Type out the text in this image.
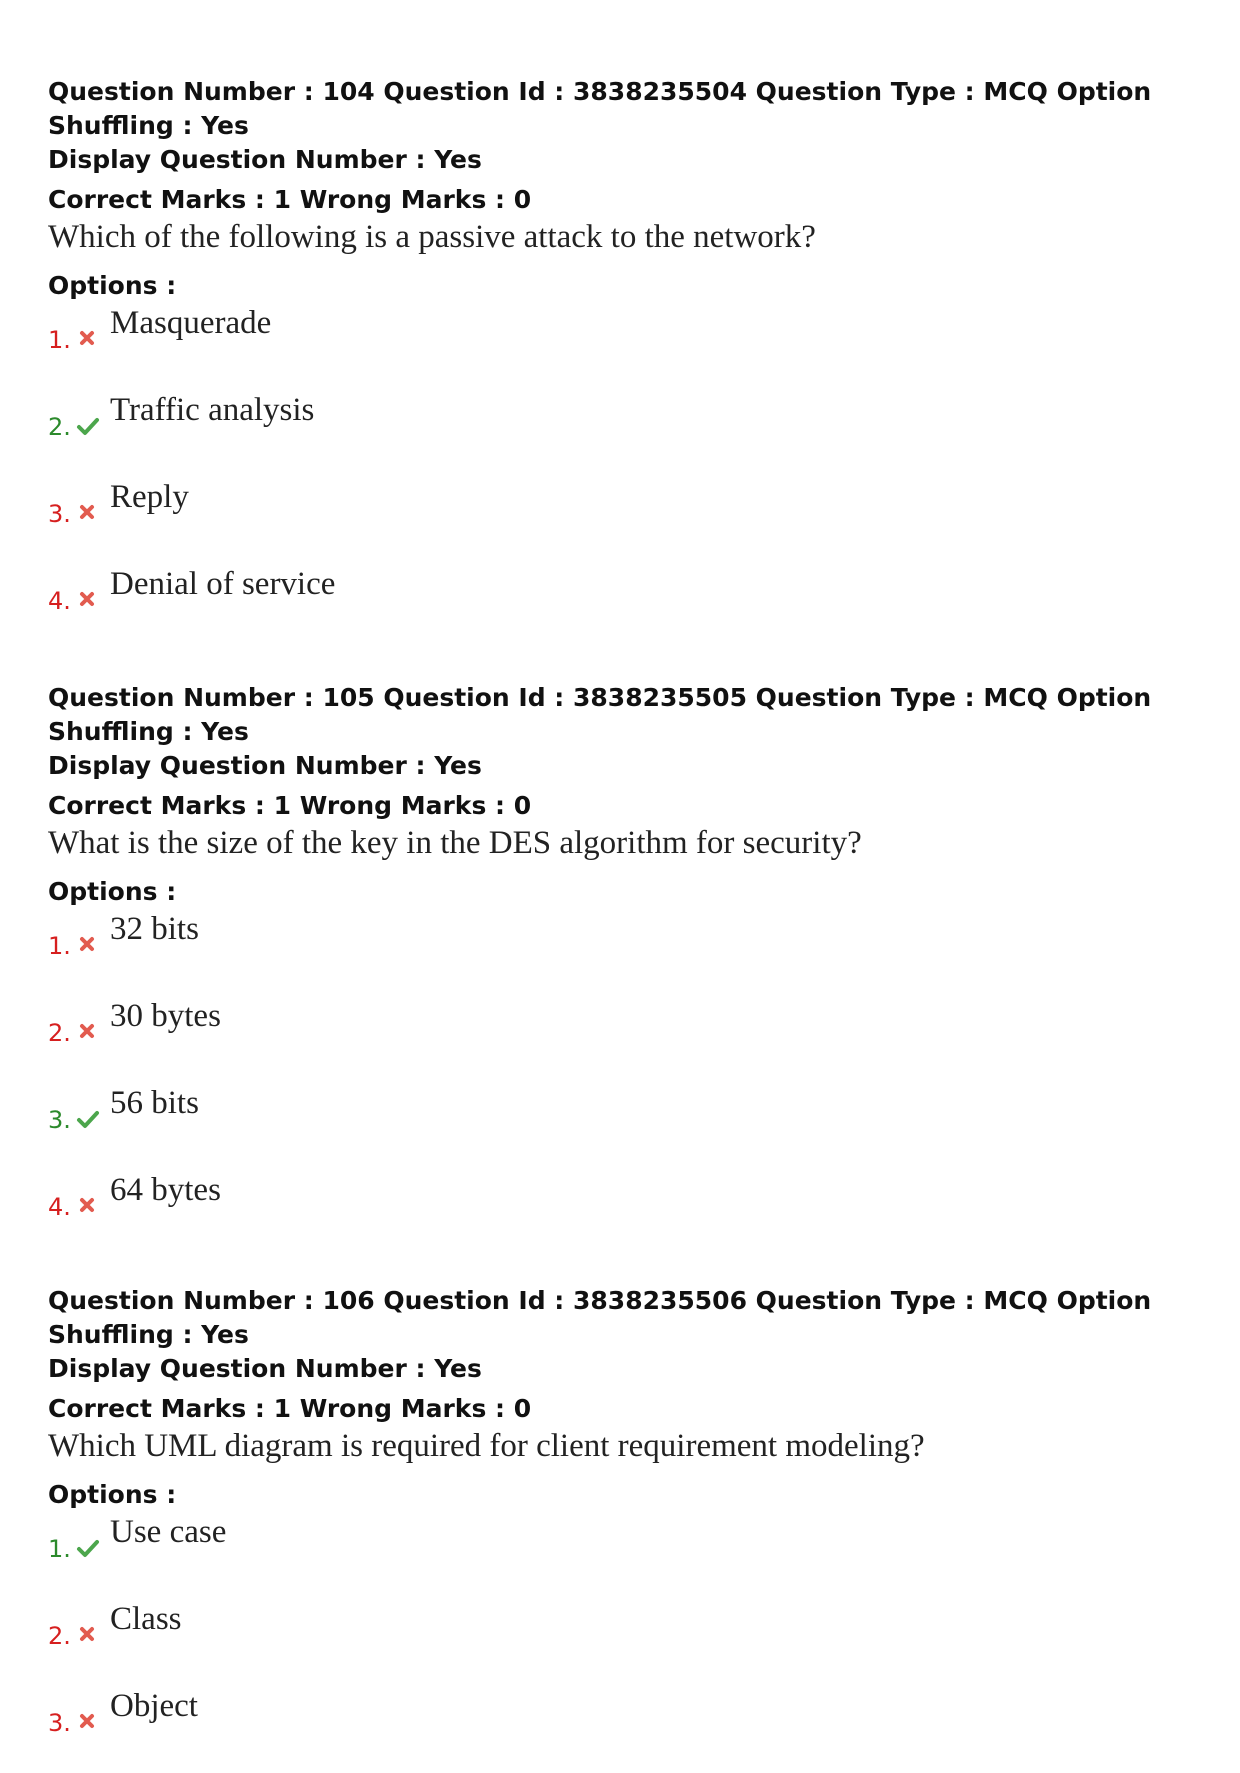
Question Number : 104 Question Id : 3838235504 Question Type : MCQ Option Shuffling : Yes
Display Question Number : Yes
Correct Marks : 1 Wrong Marks : 0
Which of the following is a passive attack to the network?
Options :
1. Masquerade
2. Traffic analysis
3. Reply
4. Denial of service
Question Number : 105 Question Id : 3838235505 Question Type : MCQ Option Shuffling : Yes
Display Question Number : Yes
Correct Marks : 1 Wrong Marks : 0
What is the size of the key in the DES algorithm for security?
Options :
1. 32 bits
2. 30 bytes
3. 56 bits
4. 64 bytes
Question Number : 106 Question Id : 3838235506 Question Type : MCQ Option Shuffling : Yes
Display Question Number : Yes
Correct Marks : 1 Wrong Marks : 0
Which UML diagram is required for client requirement modeling?
Options :
1. Use case
2. Class
3. Object
